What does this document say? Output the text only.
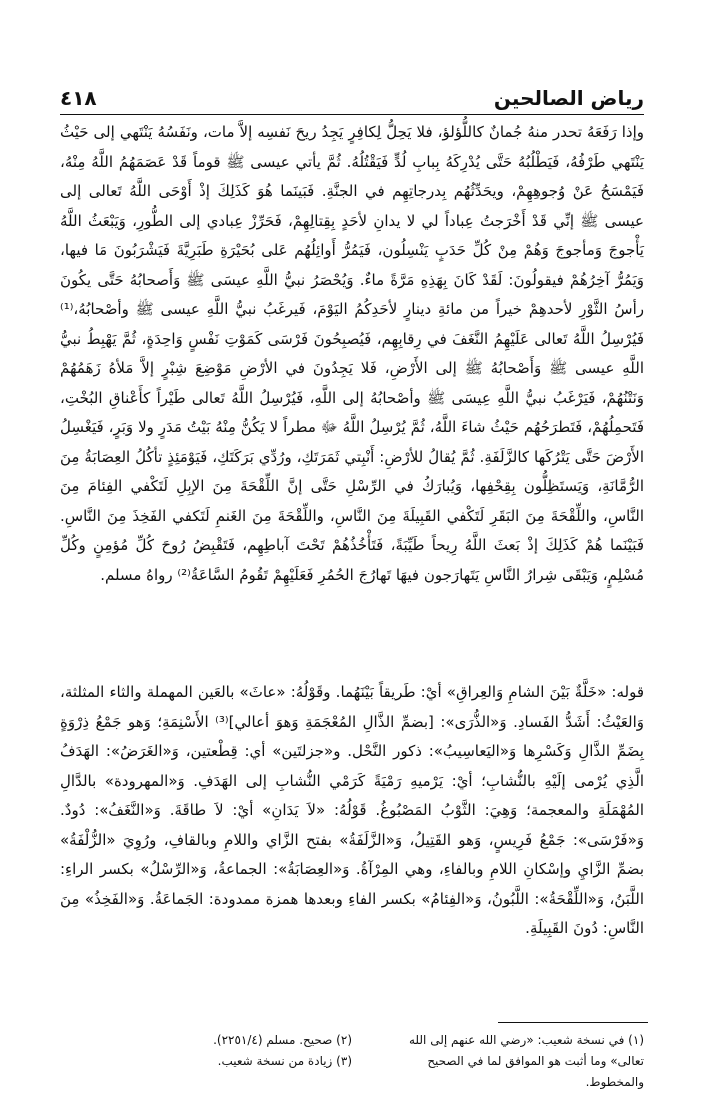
٤١٨	رياض الصالحين

وإذا رَفَعَهُ تحدر منهُ جُمانٌ كاللُّؤلؤ، فلا يَحِلُّ لِكافِرٍ يَجِدُ ريحَ نَفسِه إلاَّ مات، ونَفَسُهُ يَنْتَهي إلى حَيْثُ يَنْتَهي طَرْفُهُ، فَيَطْلُبُهُ حَتَّى يُدْرِكَهُ بِبابِ لُدٍّ فَيَقْتُلُهُ. ثُمَّ يأتي عيسى ﷺ قوماً قَدْ عَصَمَهُمُ اللَّهُ مِنْهُ، فَيَمْسَحُ عَنْ وُجوهِهِمْ، ويحَدِّثُهُم بِدرجاتِهِم في الجنَّةِ. فَبَينَما هُوَ كَذَلِكَ إذْ أَوْحَى اللَّهُ تَعالى إلى عيسى ﷺ إنِّي قَدْ أَخْرَجتُ عِباداً لي لا يدانِ لأحَدٍ بِقِتالِهِمْ، فَحَرِّزْ عِبادي إلى الطُّورِ، وَيَبْعَثُ اللَّهُ يَأْجوجَ وَمأجوجَ وَهُمْ مِنْ كُلِّ حَدَبٍ يَنْسِلُون، فَيَمُرُّ أَوائِلُهُم عَلى بُحَيْرَةِ طَبَرِيَّةَ فَيَشْرَبُونَ مَا فيها، وَيَمُرُّ آخِرُهُمْ فيقولُونَ: لَقَدْ كَانَ بِهَذِهِ مَرَّةً ماءٌ. وَيُحْصَرُ نبيُّ اللَّهِ عيسَى ﷺ وَأَصحابُهُ حَتَّى يكُونَ رأسُ الثَّوْرِ لأحدهِمْ خيراً من مائةِ دينارٍ لأحَدِكُمُ اليَوْمَ، فَيرغَبُ نبيُّ اللَّهِ عيسى ﷺ وأصْحابُهُ،⁽¹⁾ فَيُرْسِلُ اللَّهُ تَعالى عَلَيْهِمُ النَّغَفَ في رِقابِهِم، فَيُصبِحُونَ فَرْسَى كَمَوْتِ نَفْسٍ وَاحِدَةٍ، ثُمَّ يَهْبِطُ نبيُّ اللَّهِ عيسى ﷺ وَأَصْحابُهُ ﷺ إلى الأَرْضِ، فَلا يَجِدُونَ في الأرْضِ مَوْضِعَ شِبْرٍ إلاَّ مَلأهُ زَهَمُهُمْ وَنَتْنُهُمْ، فَيَرْغَبُ نبيُّ اللَّهِ عِيسَى ﷺ وأصْحابُهُ إلى اللَّهِ، فَيُرْسِلُ اللَّهُ تَعالى طَيْراً كأَعْناقِ البُخْتِ، فَتَحمِلُهُمْ، فَتَطرَحُهُم حَيْثُ شاءَ اللَّهُ، ثُمَّ يُرْسِلُ اللَّهُ ﷻ مطراً لا يَكُنُّ مِنْهُ بَيْتُ مَدَرٍ ولا وَبَرٍ، فَيَغْسِلُ الأَرْضَ حَتَّى يَتْرُكَها كالزَّلَفَةِ. ثُمَّ يُقالُ للأرْضِ: أَنْبِتي ثَمَرَتَكِ، ورُدِّي بَرَكَتَكِ، فَيَوْمَئِذٍ تأكُلُ العِصَابَةُ مِنَ الرُّمَّانَةِ، وَيَستَظِلُّون بِقِحْفِها، وَيُبارَكُ في الرِّسْلِ حَتَّى إنَّ اللِّقْحَةَ مِنَ الإبِلِ لَتَكْفي الفِئامَ مِنَ النَّاسِ، واللِّقْحَةَ مِنَ البَقَرِ لَتَكْفي القَبِيلَةَ مِنَ النَّاسِ، واللِّقْحَةَ مِنَ الغَنمِ لَتَكفي الفَخِذَ مِنَ النَّاسِ. فَبَيْنَما هُمْ كَذَلِكَ إذْ بَعثَ اللَّهُ رِيحاً طَيِّبَةً، فَتَأْخُذُهُمْ تَحْتَ آباطِهِم، فَتَقْبِضُ رُوحَ كُلِّ مُؤمِنٍ وكُلِّ مُسْلِمٍ، وَيَبْقَى شِرارُ النَّاسِ يَتَهارَجون فيهَا تَهارُجَ الحُمُرِ فَعَلَيْهِمْ تَقُومُ السَّاعَةُ⁽²⁾ رواهُ مسلم.

قوله: «خَلَّةٌ بَيْنَ الشامِ وَالعِراقِ» أيْ: طَريقاً بَيْنَهُما. وقَوْلُهُ: «عاثَ» بالعَين المهملة والثاء المثلثة، وَالعَيْثُ: أَشَدُّ الفَسادِ. وَ«الذُّرَى»: [بضمِّ الذَّالِ المُعْجَمَةِ وَهوَ أعالي]⁽³⁾ الأَسْنِمَةِ؛ وَهو جَمْعُ ذِرْوَةٍ بِضَمِّ الذَّالِ وَكَسْرِها وَ«اليَعاسِيبُ»: ذكور النَّحْل. و«جزلتَين» أي: قِطْعتين، وَ«الغَرَضُ»: الهَدَفُ الَّذِي يُرْمى إلَيْهِ بالنُّشابِ؛ أيْ: يَرْميهِ رَمْيَةً كَرَمْي النُّشابِ إلى الهَدَفِ. وَ«المهرودة» بالدَّالِ المُهْمَلَةِ والمعجمة؛ وَهِيَ: الثَّوْبُ المَصْبُوغُ. قَوْلُهُ: «لاَ يَدَانِ» أيْ: لاَ طاقَةَ. وَ«النَّغَفُ»: دُودٌ. وَ«فَرْسَى»: جَمْعُ فَرِيسٍ، وَهو القَتِيلُ، وَ«الزَّلَفَةُ» بفتح الزَّاي واللامِ وبالقافِ، ورُوِيَ «الزُّلْفَةُ» بضمِّ الزَّايِ وإسْكانِ اللامِ وبالفاءِ، وهي المِرْآةُ. وَ«العِصَابَةُ»: الجماعةُ، وَ«الرِّسْلُ» بكسر الراءِ: اللَّبَنُ، وَ«اللِّقْحَةُ»: اللَّبُونُ، وَ«الفِئامُ» بكسر الفاءِ وبعدها همزة ممدودة: الجَماعَةُ. وَ«الفَخِذُ» مِنَ النَّاسِ: دُونَ القَبِيلَةِ.

(١) في نسخة شعيب: «رضي الله عنهم إلى الله
(٢) صحيح. مسلم (٢٢٥١/٤).
تعالى» وما أثبت هو الموافق لما في الصحيح
(٣) زيادة من نسخة شعيب.
والمخطوط.
